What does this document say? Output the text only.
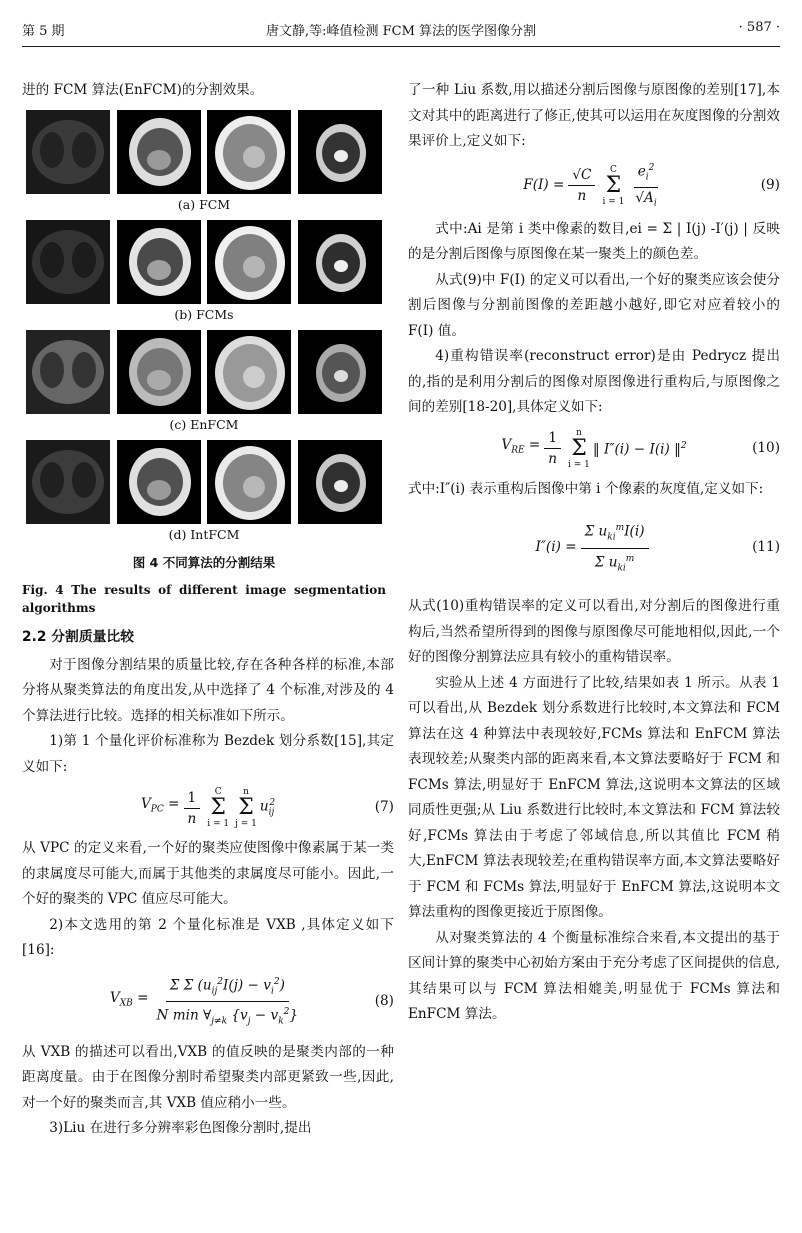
第 5 期	唐文静,等:峰值检测 FCM 算法的医学图像分割	· 587 ·

进的 FCM 算法(EnFCM)的分割效果。

(a) FCM
(b) FCMs
(c) EnFCM
(d) IntFCM
图 4 不同算法的分割结果
Fig. 4 The results of different image segmentation algorithms
2.2 分割质量比较

对于图像分割结果的质量比较,存在各种各样的标准,本部分将从聚类算法的角度出发,从中选择了 4 个标准,对涉及的 4 个算法进行比较。选择的相关标准如下所示。

1)第 1 个量化评价标准称为 Bezdek 划分系数[15],其定义如下:

$V_{PC} = \frac{1}{n}$ C
Σ
i = 1
n
Σ
j = 1
$u_{ij}^2$	(7)

从 VPC 的定义来看,一个好的聚类应使图像中像素属于某一类的隶属度尽可能大,而属于其他类的隶属度尽可能小。因此,一个好的聚类的 VPC 值应尽可能大。

2)本文选用的第 2 个量化标准是 VXB ,具体定义如下[16]:

$V_{XB} = \frac{\Sigma \Sigma (u_{ij}^2I(j) - v_i^2)}{N \min \forall_{j\ne k} \{v_j - v_k^2\}}$	(8)

从 VXB 的描述可以看出,VXB 的值反映的是聚类内部的一种距离度量。由于在图像分割时希望聚类内部更紧致一些,因此,对一个好的聚类而言,其 VXB 值应稍小一些。

3)Liu 在进行多分辨率彩色图像分割时,提出

了一种 Liu 系数,用以描述分割后图像与原图像的差别[17],本文对其中的距离进行了修正,使其可以运用在灰度图像的分割效果评价上,定义如下:

$F(I) = \frac{√C}{n}$ C
Σ
$i = 1 \frac{e_i^2}{√A_i}$	(9)

式中:Ai 是第 i 类中像素的数目,ei = Σ | I(j) -I′(j) | 反映的是分割后图像与原图像在某一聚类上的颜色差。

从式(9)中 F(I) 的定义可以看出,一个好的聚类应该会使分割后图像与分割前图像的差距越小越好,即它对应着较小的 F(I) 值。

4)重构错误率(reconstruct error)是由 Pedrycz 提出的,指的是利用分割后的图像对原图像进行重构后,与原图像之间的差别[18-20],具体定义如下:

$V_{RE} = \frac{1}{n}$ n
Σ
i = 1
‖ I″(i) − I(i) ‖$^2$	(10)

式中:I″(i) 表示重构后图像中第 i 个像素的灰度值,定义如下:

$I''(i) = \frac{\Sigma u_{ki}^mI(i)}{\Sigma u_{ki}^m}$	(11)

从式(10)重构错误率的定义可以看出,对分割后的图像进行重构后,当然希望所得到的图像与原图像尽可能地相似,因此,一个好的图像分割算法应具有较小的重构错误率。

实验从上述 4 方面进行了比较,结果如表 1 所示。从表 1 可以看出,从 Bezdek 划分系数进行比较时,本文算法和 FCM 算法在这 4 种算法中表现较好,FCMs 算法和 EnFCM 算法表现较差;从聚类内部的距离来看,本文算法要略好于 FCM 和 FCMs 算法,明显好于 EnFCM 算法,这说明本文算法的区域同质性更强;从 Liu 系数进行比较时,本文算法和 FCM 算法较好,FCMs 算法由于考虑了邻域信息,所以其值比 FCM 稍大,EnFCM 算法表现较差;在重构错误率方面,本文算法要略好于 FCM 和 FCMs 算法,明显好于 EnFCM 算法,这说明本文算法重构的图像更接近于原图像。

从对聚类算法的 4 个衡量标准综合来看,本文提出的基于区间计算的聚类中心初始方案由于充分考虑了区间提供的信息,其结果可以与 FCM 算法相媲美,明显优于 FCMs 算法和 EnFCM 算法。
